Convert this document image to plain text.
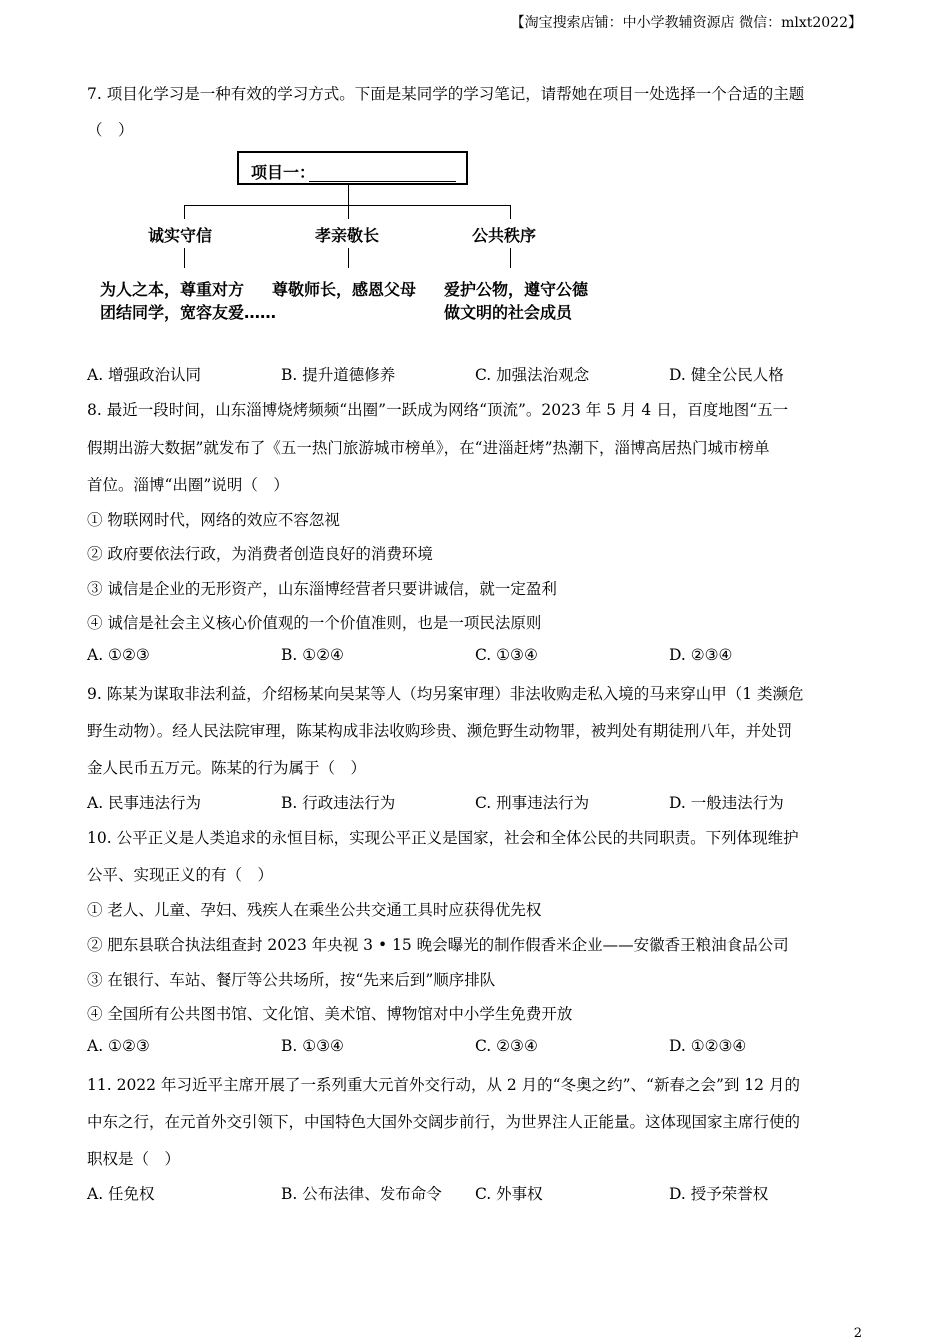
【淘宝搜索店铺：中小学教辅资源店 微信：mlxt2022】
7. 项目化学习是一种有效的学习方式。下面是某同学的学习笔记，请帮她在项目一处选择一个合适的主题
（　）
项目一：
诚实守信	孝亲敬长	公共秩序
为人之本，尊重对方
团结同学，宽容友爱……
尊敬师长，感恩父母 爱护公物，遵守公德
做文明的社会成员
A. 增强政治认同	B. 提升道德修养	C. 加强法治观念	D. 健全公民人格
8. 最近一段时间，山东淄博烧烤频频“出圈”一跃成为网络“顶流”。2023 年 5 月 4 日，百度地图“五一
假期出游大数据”就发布了《五一热门旅游城市榜单》，在“进淄赶烤”热潮下，淄博高居热门城市榜单
首位。淄博“出圈”说明（　）
① 物联网时代，网络的效应不容忽视
② 政府要依法行政，为消费者创造良好的消费环境
③ 诚信是企业的无形资产，山东淄博经营者只要讲诚信，就一定盈利
④ 诚信是社会主义核心价值观的一个价值准则，也是一项民法原则
A. ①②③	B. ①②④	C. ①③④	D. ②③④
9. 陈某为谋取非法利益，介绍杨某向吴某等人（均另案审理）非法收购走私入境的马来穿山甲（1 类濒危
野生动物）。经人民法院审理，陈某构成非法收购珍贵、濒危野生动物罪，被判处有期徒刑八年，并处罚
金人民币五万元。陈某的行为属于（　）
A. 民事违法行为	B. 行政违法行为	C. 刑事违法行为	D. 一般违法行为
10. 公平正义是人类追求的永恒目标，实现公平正义是国家，社会和全体公民的共同职责。下列体现维护
公平、实现正义的有（　）
① 老人、儿童、孕妇、残疾人在乘坐公共交通工具时应获得优先权
② 肥东县联合执法组查封 2023 年央视 3 • 15 晚会曝光的制作假香米企业——安徽香王粮油食品公司
③ 在银行、车站、餐厅等公共场所，按“先来后到”顺序排队
④ 全国所有公共图书馆、文化馆、美术馆、博物馆对中小学生免费开放
A. ①②③	B. ①③④	C. ②③④	D. ①②③④
11. 2022 年习近平主席开展了一系列重大元首外交行动，从 2 月的“冬奥之约”、“新春之会”到 12 月的
中东之行，在元首外交引领下，中国特色大国外交阔步前行，为世界注人正能量。这体现国家主席行使的
职权是（　）
A. 任免权	B. 公布法律、发布命令 C. 外事权	D. 授予荣誉权
2
